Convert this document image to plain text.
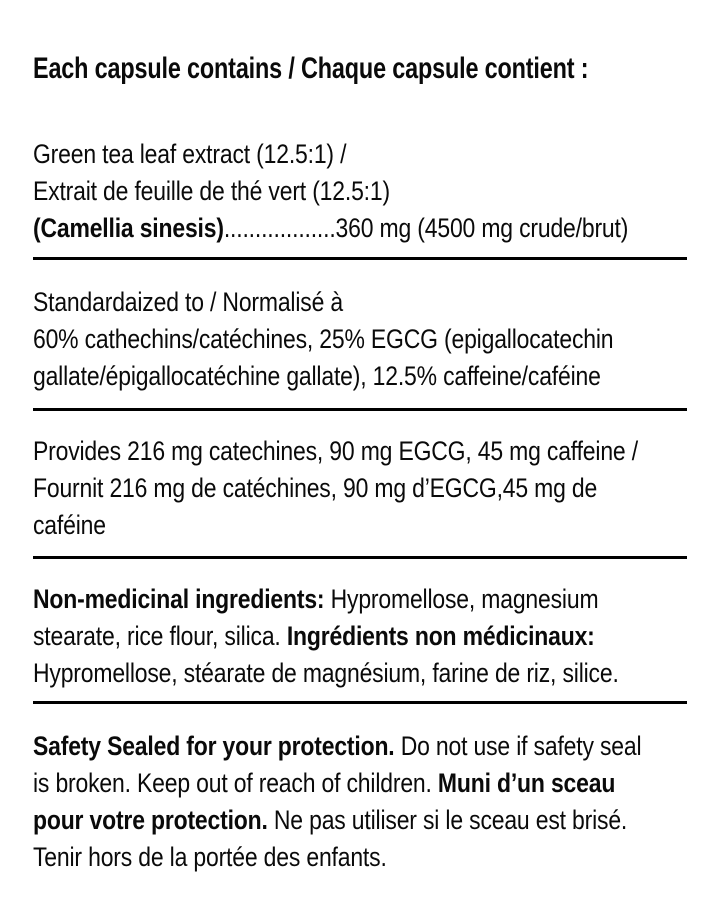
Each capsule contains / Chaque capsule contient :
Green tea leaf extract (12.5:1) /
Extrait de feuille de thé vert (12.5:1)
(Camellia sinesis)..................360 mg (4500 mg crude/brut)
Standardaized to / Normalisé à
60% cathechins/catéchines, 25% EGCG (epigallocatechin
gallate/épigallocatéchine gallate), 12.5% caffeine/caféine
Provides 216 mg catechines, 90 mg EGCG, 45 mg caffeine /
Fournit 216 mg de catéchines, 90 mg d’EGCG,45 mg de
caféine
Non-medicinal ingredients: Hypromellose, magnesium
stearate, rice flour, silica. Ingrédients non médicinaux:
Hypromellose, stéarate de magnésium, farine de riz, silice.
Safety Sealed for your protection. Do not use if safety seal
is broken. Keep out of reach of children. Muni d’un sceau
pour votre protection. Ne pas utiliser si le sceau est brisé.
Tenir hors de la portée des enfants.
